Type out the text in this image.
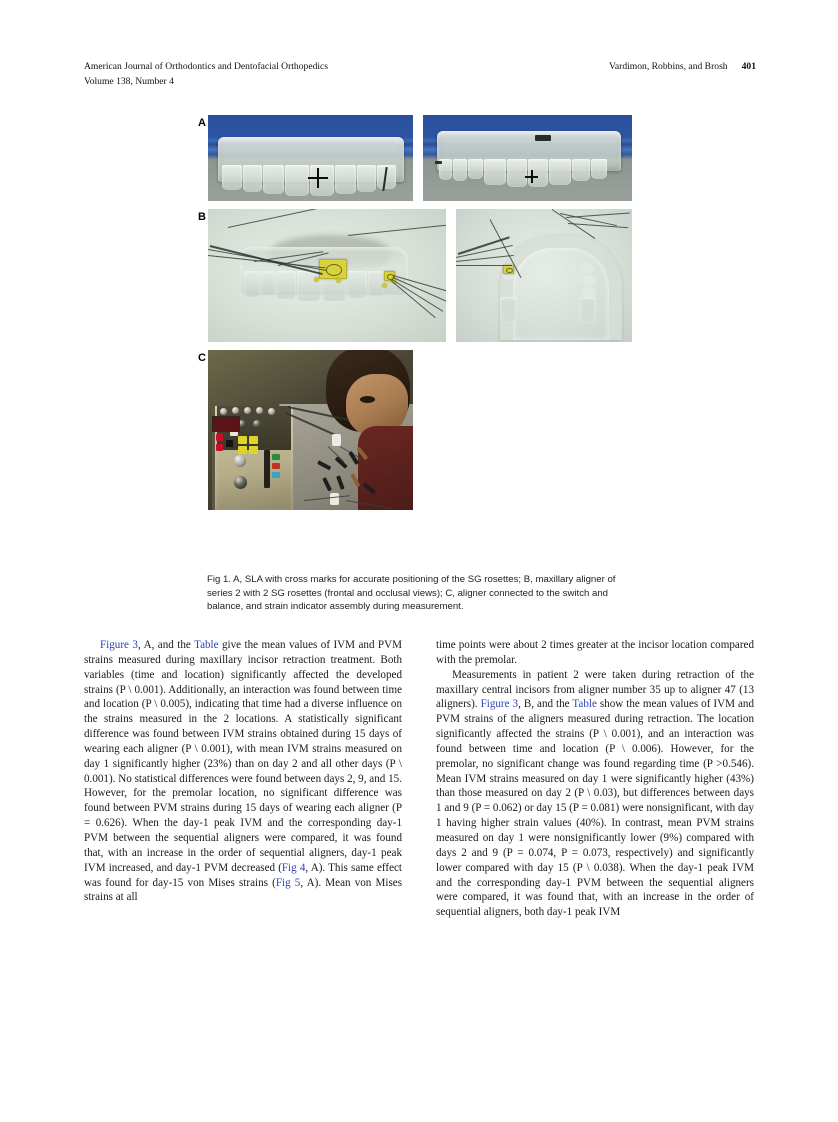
American Journal of Orthodontics and Dentofacial Orthopedics	Vardimon, Robbins, and Brosh 401
Volume 138, Number 4
A
B
C
Fig 1. A, SLA with cross marks for accurate positioning of the SG rosettes; B, maxillary aligner of series 2 with 2 SG rosettes (frontal and occlusal views); C, aligner connected to the switch and balance, and strain indicator assembly during measurement.

Figure 3, A, and the Table give the mean values of IVM and PVM strains measured during maxillary incisor retraction treatment. Both variables (time and location) significantly affected the developed strains (P \ 0.001). Additionally, an interaction was found between time and location (P \ 0.005), indicating that time had a diverse influence on the strains measured in the 2 locations. A statistically significant difference was found between IVM strains obtained during 15 days of wearing each aligner (P \ 0.001), with mean IVM strains measured on day 1 significantly higher (23%) than on day 2 and all other days (P \ 0.001). No statistical differences were found between days 2, 9, and 15. However, for the premolar location, no significant difference was found between PVM strains during 15 days of wearing each aligner (P = 0.626). When the day-1 peak IVM and the corresponding day-1 PVM between the sequential aligners were compared, it was found that, with an increase in the order of sequential aligners, day-1 peak IVM increased, and day-1 PVM decreased (Fig 4, A). This same effect was found for day-15 von Mises strains (Fig 5, A). Mean von Mises strains at all

time points were about 2 times greater at the incisor location compared with the premolar.

Measurements in patient 2 were taken during retraction of the maxillary central incisors from aligner number 35 up to aligner 47 (13 aligners). Figure 3, B, and the Table show the mean values of IVM and PVM strains of the aligners measured during retraction. The location significantly affected the strains (P \ 0.001), and an interaction was found between time and location (P \ 0.006). However, for the premolar, no significant change was found regarding time (P >0.546). Mean IVM strains measured on day 1 were significantly higher (43%) than those measured on day 2 (P \ 0.03), but differences between days 1 and 9 (P = 0.062) or day 15 (P = 0.081) were nonsignificant, with day 1 having higher strain values (40%). In contrast, mean PVM strains measured on day 1 were nonsignificantly lower (9%) compared with days 2 and 9 (P = 0.074, P = 0.073, respectively) and significantly lower compared with day 15 (P \ 0.038). When the day-1 peak IVM and the corresponding day-1 PVM between the sequential aligners were compared, it was found that, with an increase in the order of sequential aligners, both day-1 peak IVM
